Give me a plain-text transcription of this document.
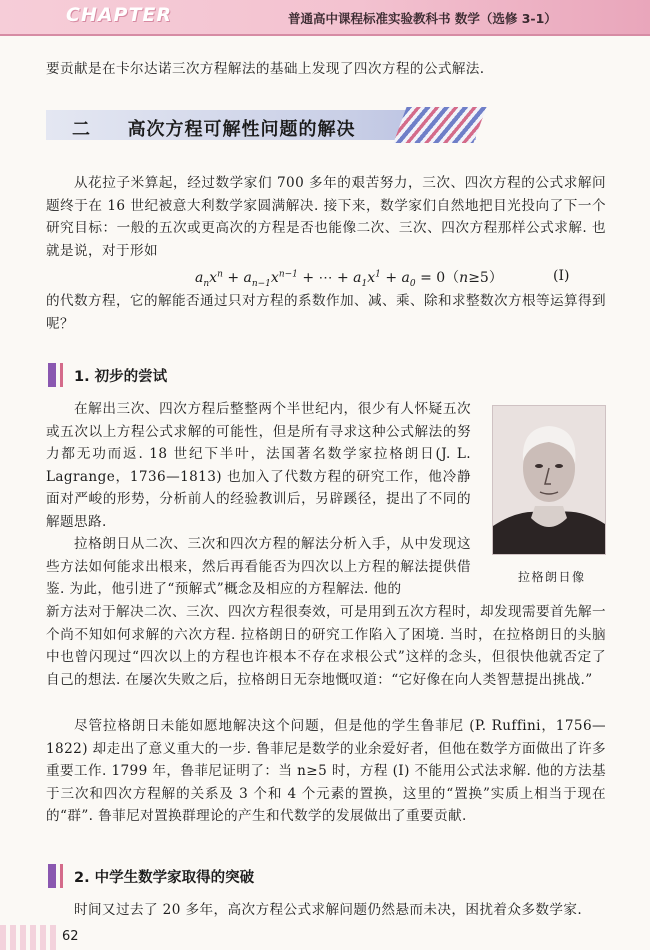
CHAPTER	普通高中课程标准实验教科书 数学（选修 3-1）

要贡献是在卡尔达诺三次方程解法的基础上发现了四次方程的公式解法.

二 高次方程可解性问题的解决

从花拉子米算起，经过数学家们 700 多年的艰苦努力，三次、四次方程的公式求解问题终于在 16 世纪被意大利数学家圆满解决. 接下来，数学家们自然地把目光投向了下一个研究目标：一般的五次或更高次的方程是否也能像二次、三次、四次方程那样公式求解. 也就是说，对于形如

$a_nx^n + a_{n-1}x^{n-1}$ + ⋯ + $a_1x^1 + a_0 = 0(n\ge 5)$	(I)

的代数方程，它的解能否通过只对方程的系数作加、减、乘、除和求整数次方根等运算得到呢？

1. 初步的尝试

在解出三次、四次方程后整整两个半世纪内，很少有人怀疑五次或五次以上方程公式求解的可能性，但是所有寻求这种公式解法的努力都无功而返. 18 世纪下半叶，法国著名数学家拉格朗日(J. L. Lagrange，1736—1813) 也加入了代数方程的研究工作，他冷静面对严峻的形势，分析前人的经验教训后，另辟蹊径，提出了不同的解题思路.

拉格朗日像

拉格朗日从二次、三次和四次方程的解法分析入手，从中发现这些方法如何能求出根来，然后再看能否为四次以上方程的解法提供借鉴. 为此，他引进了“预解式”概念及相应的方程解法. 他的

新方法对于解决二次、三次、四次方程很奏效，可是用到五次方程时，却发现需要首先解一个尚不知如何求解的六次方程. 拉格朗日的研究工作陷入了困境. 当时，在拉格朗日的头脑中也曾闪现过“四次以上的方程也许根本不存在求根公式”这样的念头，但很快他就否定了自己的想法. 在屡次失败之后，拉格朗日无奈地慨叹道：“它好像在向人类智慧提出挑战.”

尽管拉格朗日未能如愿地解决这个问题，但是他的学生鲁菲尼 (P. Ruffini，1756—1822) 却走出了意义重大的一步. 鲁菲尼是数学的业余爱好者，但他在数学方面做出了许多重要工作. 1799 年，鲁菲尼证明了：当 n≥5 时，方程 (I) 不能用公式法求解. 他的方法基于三次和四次方程解的关系及 3 个和 4 个元素的置换，这里的“置换”实质上相当于现在的“群”. 鲁菲尼对置换群理论的产生和代数学的发展做出了重要贡献.

2. 中学生数学家取得的突破

时间又过去了 20 多年，高次方程公式求解问题仍然悬而未决，困扰着众多数学家.

62
